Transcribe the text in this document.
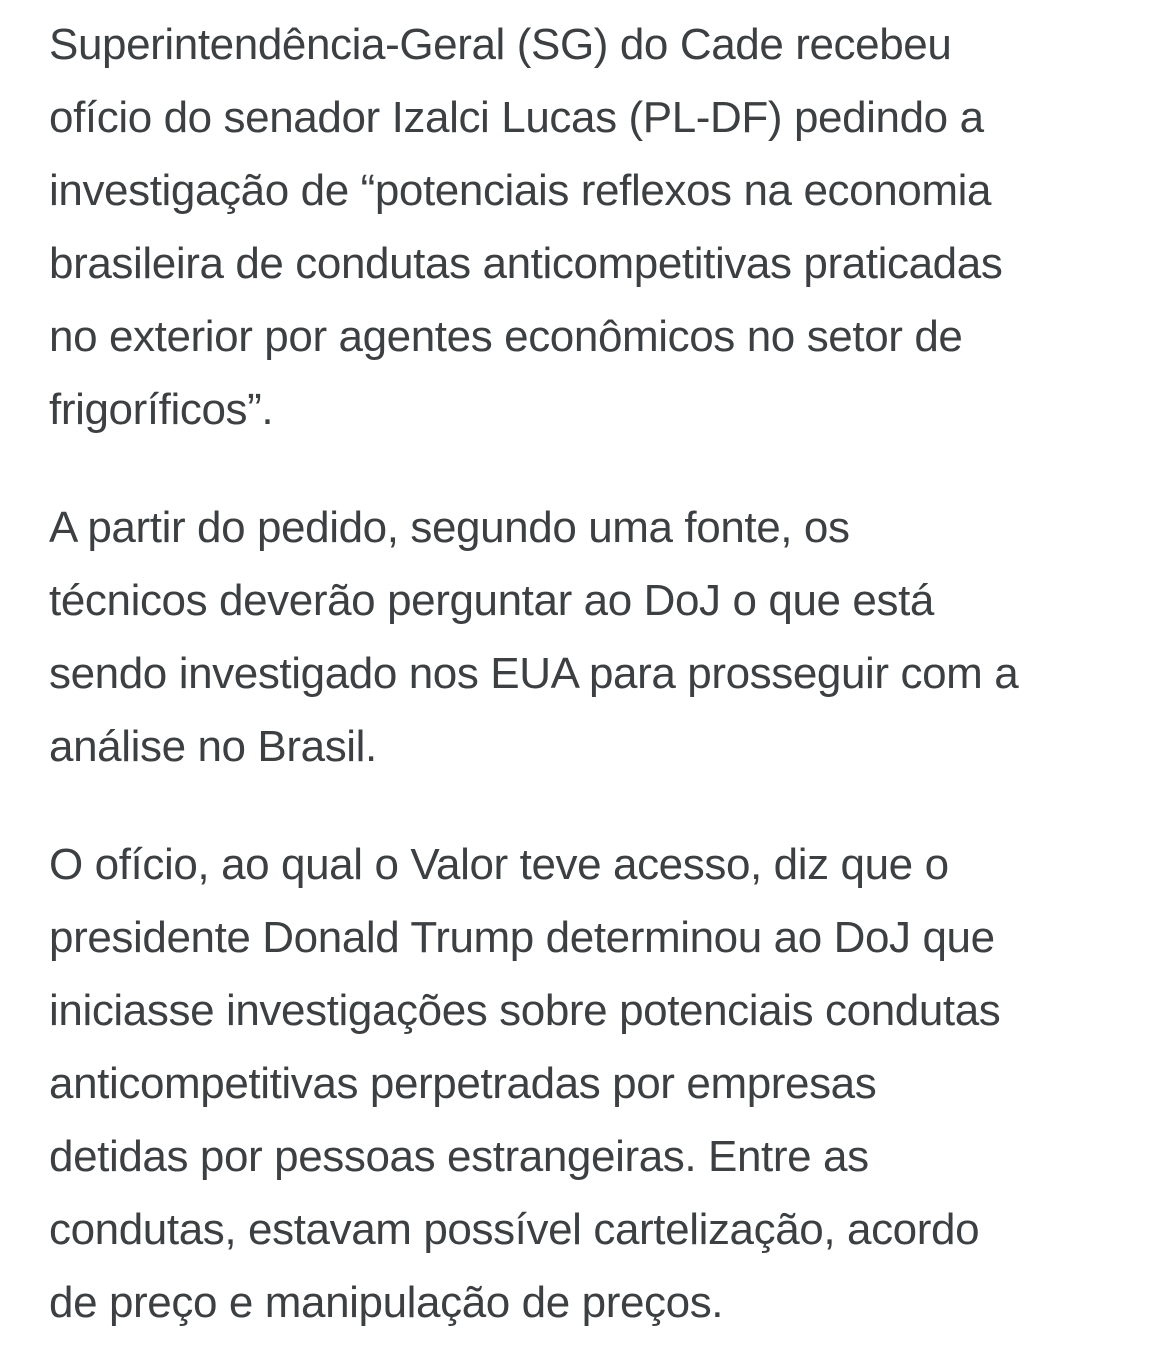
Superintendência-Geral (SG) do Cade recebeu
ofício do senador Izalci Lucas (PL-DF) pedindo a
investigação de “potenciais reflexos na economia
brasileira de condutas anticompetitivas praticadas
no exterior por agentes econômicos no setor de
frigoríficos”.

A partir do pedido, segundo uma fonte, os
técnicos deverão perguntar ao DoJ o que está
sendo investigado nos EUA para prosseguir com a
análise no Brasil.

O ofício, ao qual o Valor teve acesso, diz que o
presidente Donald Trump determinou ao DoJ que
iniciasse investigações sobre potenciais condutas
anticompetitivas perpetradas por empresas
detidas por pessoas estrangeiras. Entre as
condutas, estavam possível cartelização, acordo
de preço e manipulação de preços.
